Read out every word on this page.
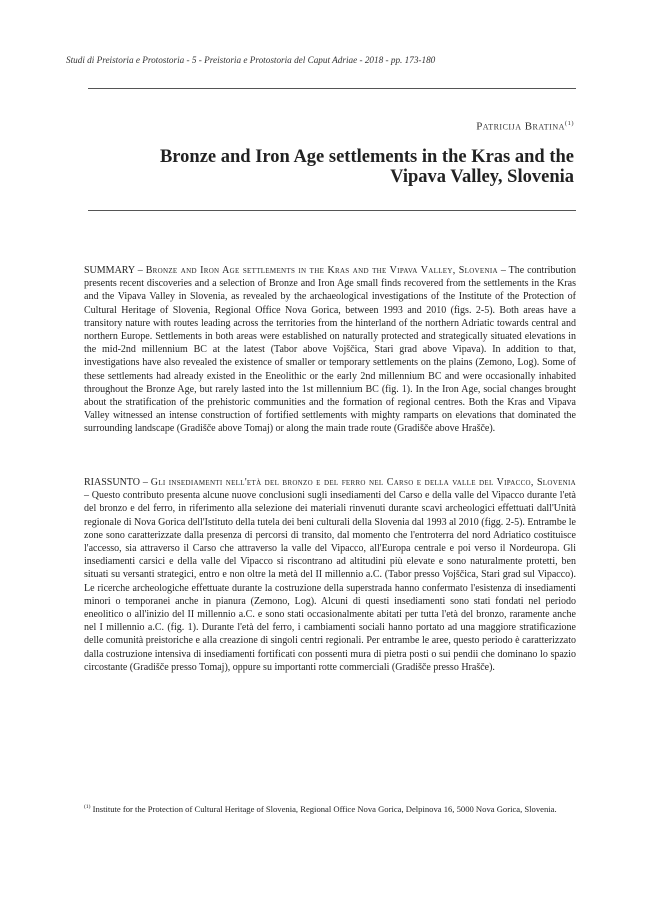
Studi di Preistoria e Protostoria - 5 - Preistoria e Protostoria del Caput Adriae - 2018 - pp. 173-180
Patricija Bratina$^{(1)}$
Bronze and Iron Age settlements in the Kras and the Vipava Valley, Slovenia
SUMMARY – Bronze and Iron Age settlements in the Kras and the Vipava Valley, Slovenia – The contribution presents recent discoveries and a selection of Bronze and Iron Age small finds recovered from the settlements in the Kras and the Vipava Valley in Slovenia, as revealed by the archaeological investigations of the Institute of the Protection of Cultural Heritage of Slovenia, Regional Office Nova Gorica, between 1993 and 2010 (figs. 2-5). Both areas have a transitory nature with routes leading across the territories from the hinterland of the northern Adriatic towards central and northern Europe. Settlements in both areas were established on naturally protected and strategically situated elevations in the mid-2nd millennium BC at the latest (Tabor above Vojščica, Stari grad above Vipava). In addition to that, investigations have also revealed the existence of smaller or temporary settlements on the plains (Zemono, Log). Some of these settlements had already existed in the Eneolithic or the early 2nd millennium BC and were occasionally inhabited throughout the Bronze Age, but rarely lasted into the 1st millennium BC (fig. 1). In the Iron Age, social changes brought about the stratification of the prehistoric communities and the formation of regional centres. Both the Kras and Vipava Valley witnessed an intense construction of fortified settlements with mighty ramparts on elevations that dominated the surrounding landscape (Gradišče above Tomaj) or along the main trade route (Gradišče above Hrašče).
RIASSUNTO – Gli insediamenti nell'età del bronzo e del ferro nel Carso e della valle del Vipacco, Slovenia – Questo contributo presenta alcune nuove conclusioni sugli insediamenti del Carso e della valle del Vipacco durante l'età del bronzo e del ferro, in riferimento alla selezione dei materiali rinvenuti durante scavi archeologici effettuati dall'Unità regionale di Nova Gorica dell'Istituto della tutela dei beni culturali della Slovenia dal 1993 al 2010 (figg. 2-5). Entrambe le zone sono caratterizzate dalla presenza di percorsi di transito, dal momento che l'entroterra del nord Adriatico costituisce l'accesso, sia attraverso il Carso che attraverso la valle del Vipacco, all'Europa centrale e poi verso il Nordeuropa. Gli insediamenti carsici e della valle del Vipacco si riscontrano ad altitudini più elevate e sono naturalmente protetti, ben situati su versanti strategici, entro e non oltre la metà del II millennio a.C. (Tabor presso Vojščica, Stari grad sul Vipacco). Le ricerche archeologiche effettuate durante la costruzione della superstrada hanno confermato l'esistenza di insediamenti minori o temporanei anche in pianura (Zemono, Log). Alcuni di questi insediamenti sono stati fondati nel periodo eneolitico o all'inizio del II millennio a.C. e sono stati occasionalmente abitati per tutta l'età del bronzo, raramente anche nel I millennio a.C. (fig. 1). Durante l'età del ferro, i cambiamenti sociali hanno portato ad una maggiore stratificazione delle comunità preistoriche e alla creazione di singoli centri regionali. Per entrambe le aree, questo periodo è caratterizzato dalla costruzione intensiva di insediamenti fortificati con possenti mura di pietra posti o sui pendii che dominano lo spazio circostante (Gradišče presso Tomaj), oppure su importanti rotte commerciali (Gradišče presso Hrašče).
$^{(1)}$ Institute for the Protection of Cultural Heritage of Slovenia, Regional Office Nova Gorica, Delpinova 16, 5000 Nova Gorica, Slovenia.
